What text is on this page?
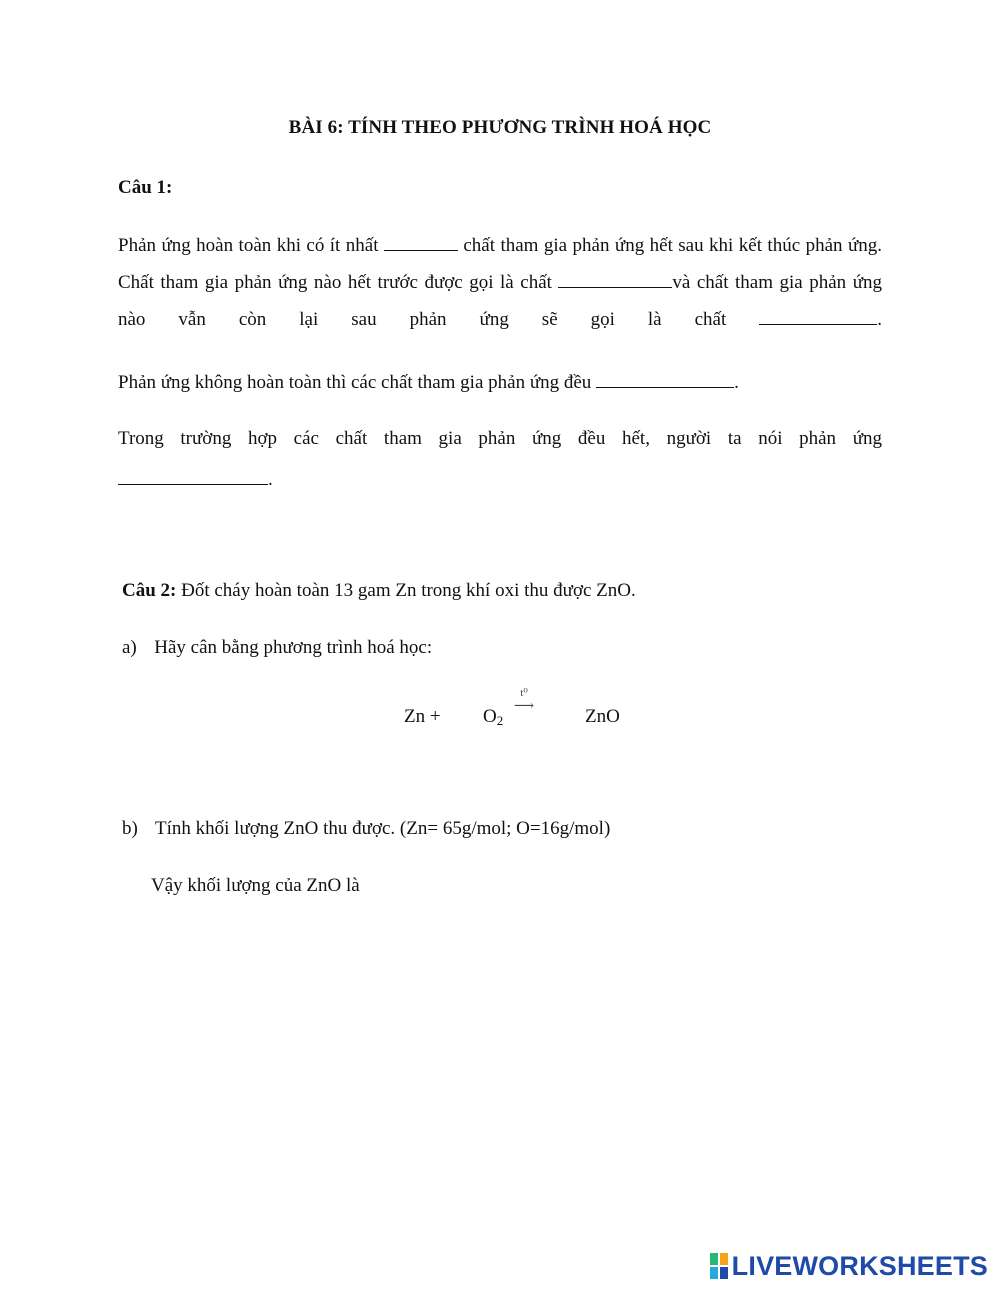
BÀI 6: TÍNH THEO PHƯƠNG TRÌNH HOÁ HỌC
Câu 1:
Phản ứng hoàn toàn khi có ít nhất	chất tham gia phản ứng hết sau khi kết thúc phản ứng. Chất tham gia phản ứng nào hết trước được gọi là chất	và chất tham gia phản ứng nào vẫn còn lại sau phản ứng sẽ gọi là chất	.
Phản ứng không hoàn toàn thì các chất tham gia phản ứng đều	.
Trong trường hợp các chất tham gia phản ứng đều hết, người ta nói phản ứng
.
Câu 2: Đốt cháy hoàn toàn 13 gam Zn trong khí oxi thu được ZnO.
a) Hãy cân bằng phương trình hoá học:
$Zn + O_2$
t⁰
⟶	ZnO
b) Tính khối lượng ZnO thu được. (Zn= 65g/mol; O=16g/mol)
Vậy khối lượng của ZnO là
LIVEWORKSHEETS
